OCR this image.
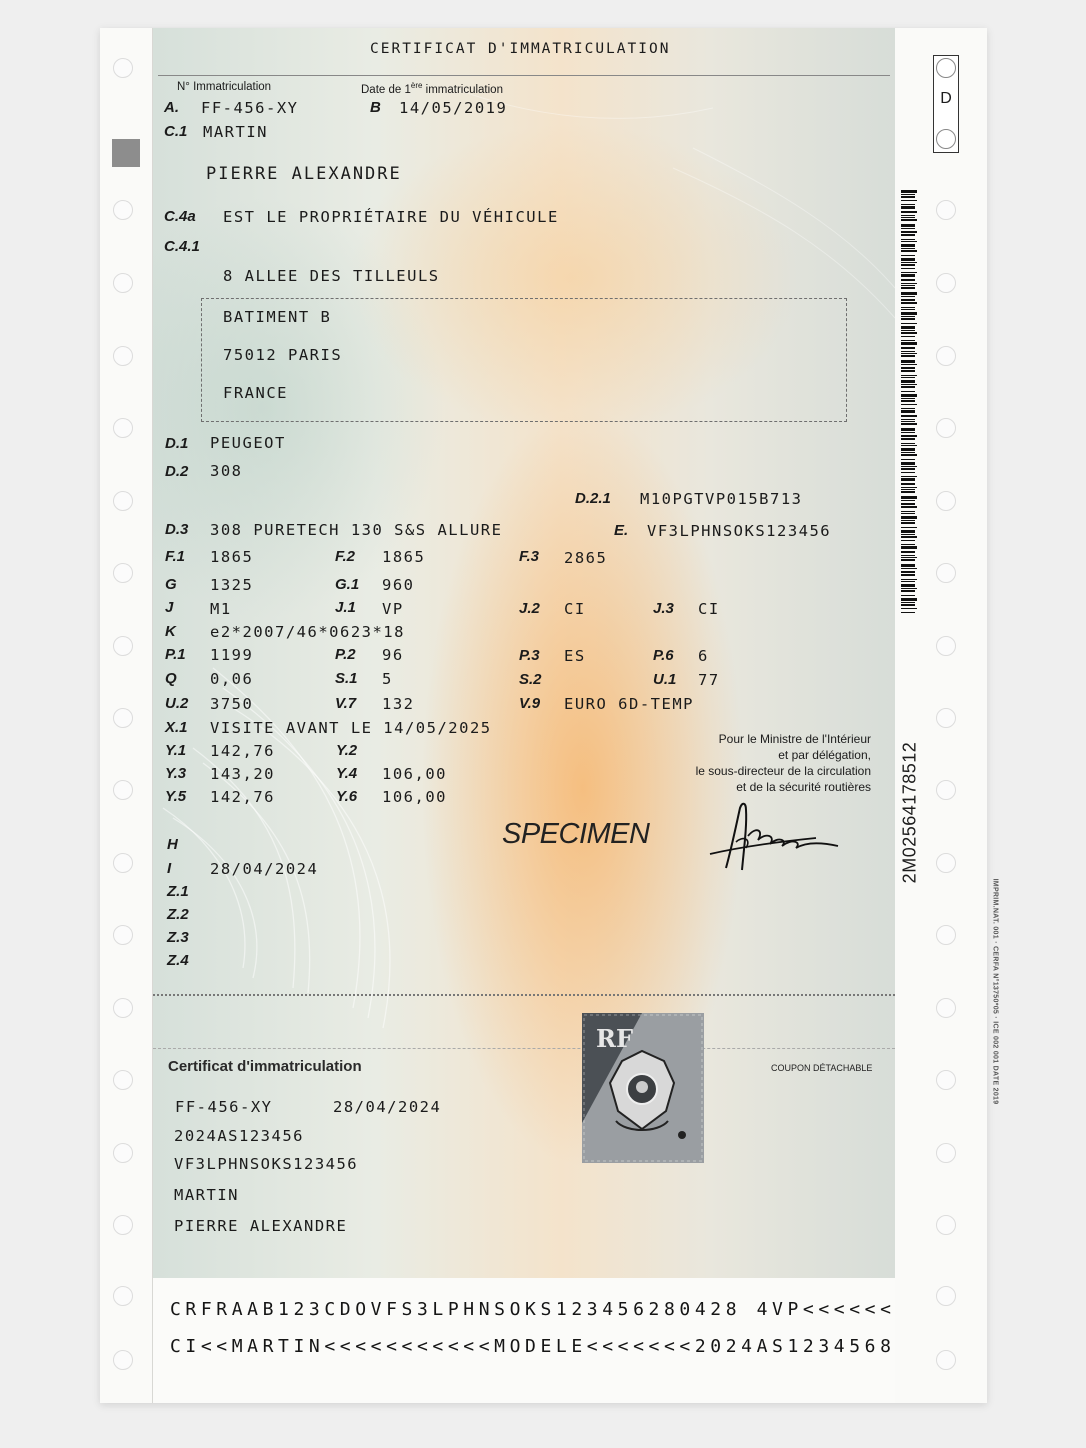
D
2M02564178512
IMPRIM.NAT. 001 · CERFA N°13750*05 · ICE 002 001 DATE 2019
CERTIFICAT D'IMMATRICULATION
N° Immatriculation	Date de 1ère immatriculation
A. FF-456-XY	B 14/05/2019
C.1 MARTIN
PIERRE ALEXANDRE
C.4a EST LE PROPRIÉTAIRE DU VÉHICULE
C.4.1
8 ALLEE DES TILLEULS
BATIMENT B
75012 PARIS
FRANCE
D.1 PEUGEOT
D.2 308
D.2.1 M10PGTVP015B713
D.3 308 PURETECH 130 S&S ALLURE	E. VF3LPHNSOKS123456
F.1 1865	F.2 1865	F.3 2865
G 1325	G.1 960
J M1	J.1 VP	J.2 CI	J.3 CI
K e2*2007/46*0623*18
P.1 1199	P.2 96	P.3 ES	P.6 6
Q 0,06	S.1 5	S.2	U.1 77
U.2 3750	V.7 132	V.9 EURO 6D-TEMP
X.1 VISITE AVANT LE 14/05/2025
Y.1 142,76	Y.2
Y.3 143,20	Y.4 106,00
Y.5 142,76	Y.6 106,00
Pour le Ministre de l'Intérieur
et par délégation,
le sous-directeur de la circulation
et de la sécurité routières
SPECIMEN
H
I	28/04/2024
Z.1
Z.2
Z.3
Z.4
Certificat d'immatriculation	COUPON DÉTACHABLE
RF
FF-456-XY	28/04/2024
2024AS123456
VF3LPHNSOKS123456
MARTIN
PIERRE ALEXANDRE
CRFRAAB123CDOVFS3LPHNSOKS123456280428 4VP<<<<<<
CI<<MARTIN<<<<<<<<<<<MODELE<<<<<<<2024AS1234568
